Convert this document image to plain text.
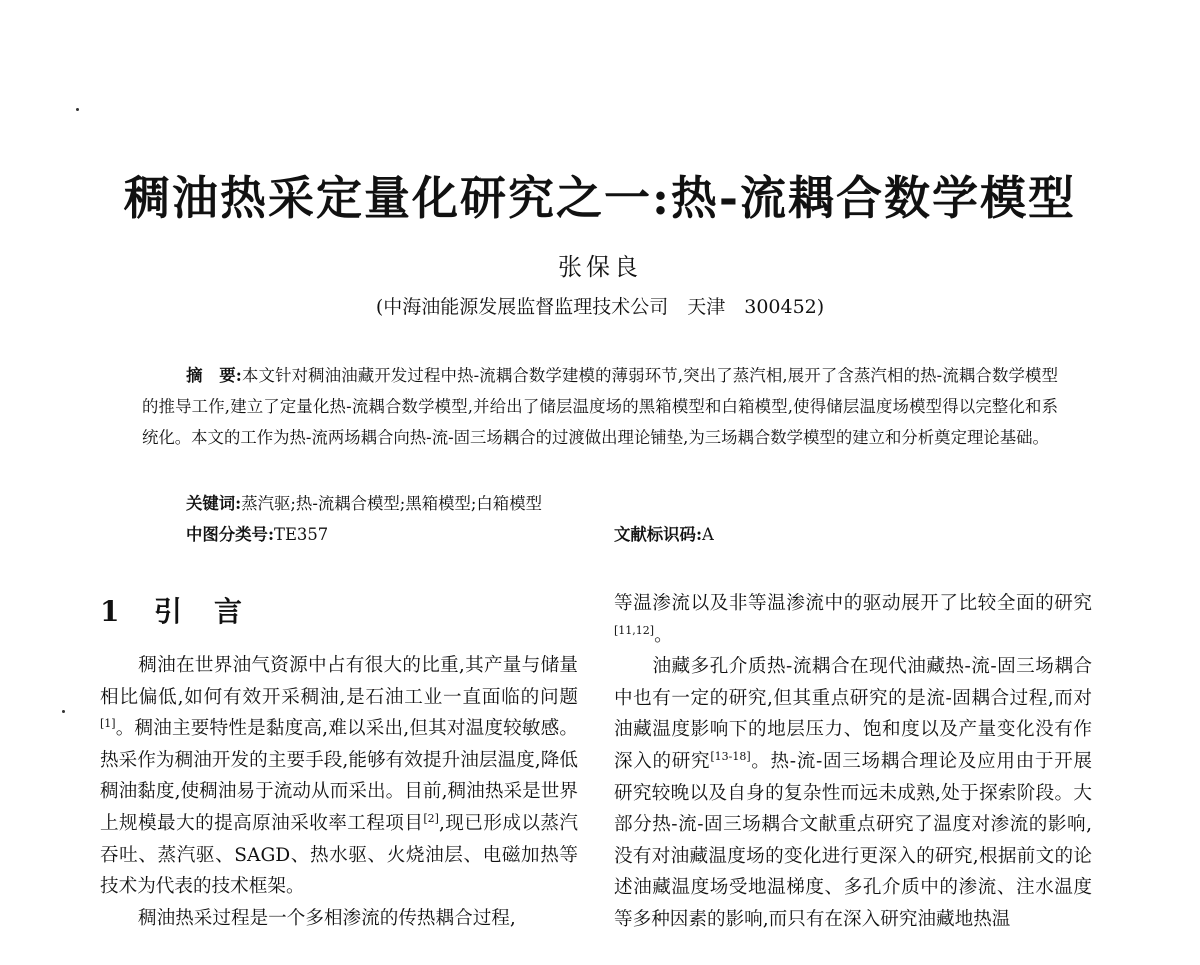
稠油热采定量化研究之一:热-流耦合数学模型
张保良
(中海油能源发展监督监理技术公司　天津　300452)
摘　要:本文针对稠油油藏开发过程中热-流耦合数学建模的薄弱环节,突出了蒸汽相,展开了含蒸汽相的热-流耦合数学模型的推导工作,建立了定量化热-流耦合数学模型,并给出了储层温度场的黑箱模型和白箱模型,使得储层温度场模型得以完整化和系统化。本文的工作为热-流两场耦合向热-流-固三场耦合的过渡做出理论铺垫,为三场耦合数学模型的建立和分析奠定理论基础。
关键词:蒸汽驱;热-流耦合模型;黑箱模型;白箱模型
中图分类号:TE357	文献标识码:A
1 引 言

稠油在世界油气资源中占有很大的比重,其产量与储量相比偏低,如何有效开采稠油,是石油工业一直面临的问题[1]。稠油主要特性是黏度高,难以采出,但其对温度较敏感。热采作为稠油开发的主要手段,能够有效提升油层温度,降低稠油黏度,使稠油易于流动从而采出。目前,稠油热采是世界上规模最大的提高原油采收率工程项目[2],现已形成以蒸汽吞吐、蒸汽驱、SAGD、热水驱、火烧油层、电磁加热等技术为代表的技术框架。

稠油热采过程是一个多相渗流的传热耦合过程,

等温渗流以及非等温渗流中的驱动展开了比较全面的研究[11,12]。

油藏多孔介质热-流耦合在现代油藏热-流-固三场耦合中也有一定的研究,但其重点研究的是流-固耦合过程,而对油藏温度影响下的地层压力、饱和度以及产量变化没有作深入的研究[13-18]。热-流-固三场耦合理论及应用由于开展研究较晚以及自身的复杂性而远未成熟,处于探索阶段。大部分热-流-固三场耦合文献重点研究了温度对渗流的影响,没有对油藏温度场的变化进行更深入的研究,根据前文的论述油藏温度场受地温梯度、多孔介质中的渗流、注水温度等多种因素的影响,而只有在深入研究油藏地热温
